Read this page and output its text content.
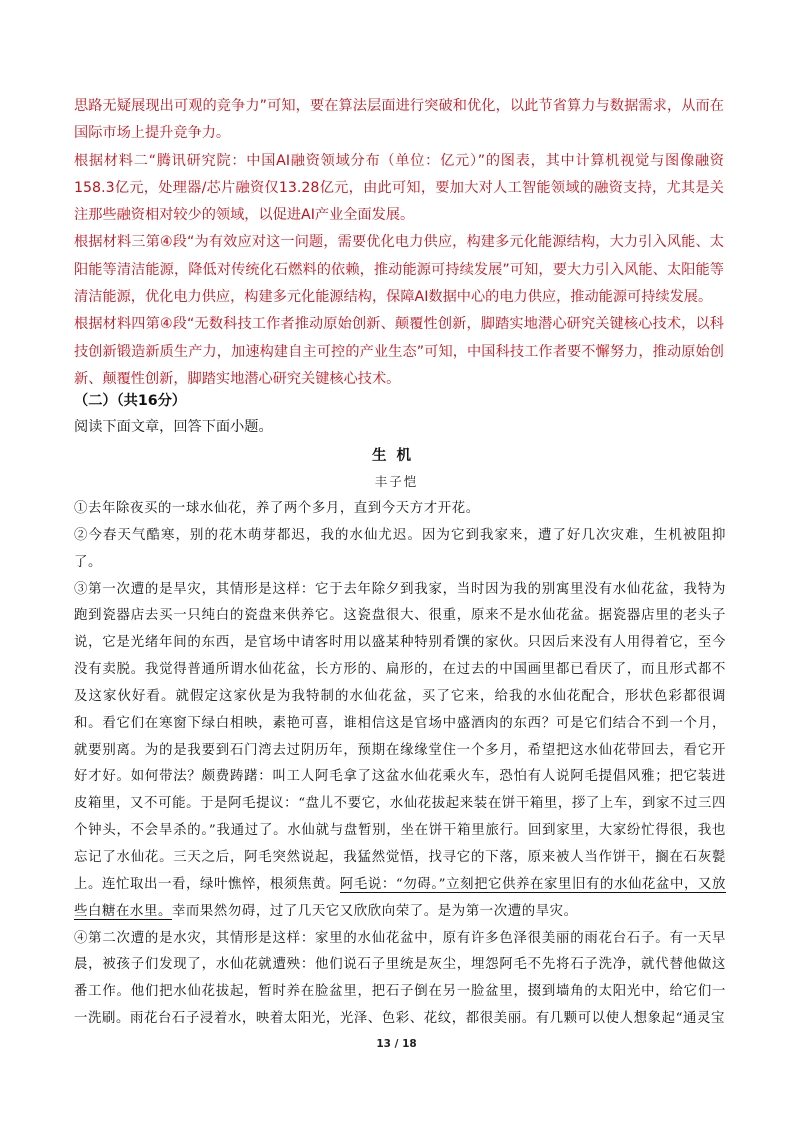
思路无疑展现出可观的竞争力”可知，要在算法层面进行突破和优化，以此节省算力与数据需求，从而在国际市场上提升竞争力。

根据材料二“腾讯研究院：中国AI融资领域分布（单位：亿元）”的图表，其中计算机视觉与图像融资158.3亿元，处理器/芯片融资仅13.28亿元，由此可知，要加大对人工智能领域的融资支持，尤其是关注那些融资相对较少的领域，以促进AI产业全面发展。

根据材料三第④段“为有效应对这一问题，需要优化电力供应，构建多元化能源结构，大力引入风能、太阳能等清洁能源，降低对传统化石燃料的依赖，推动能源可持续发展”可知，要大力引入风能、太阳能等清洁能源，优化电力供应，构建多元化能源结构，保障AI数据中心的电力供应，推动能源可持续发展。

根据材料四第④段“无数科技工作者推动原始创新、颠覆性创新，脚踏实地潜心研究关键核心技术，以科技创新锻造新质生产力，加速构建自主可控的产业生态”可知，中国科技工作者要不懈努力，推动原始创新、颠覆性创新，脚踏实地潜心研究关键核心技术。

（二）（共16分）
阅读下面文章，回答下面小题。
生机
丰子恺

①去年除夜买的一球水仙花，养了两个多月，直到今天方才开花。

②今春天气酷寒，别的花木萌芽都迟，我的水仙尤迟。因为它到我家来，遭了好几次灾难，生机被阻抑了。

③第一次遭的是旱灾，其情形是这样：它于去年除夕到我家，当时因为我的别寓里没有水仙花盆，我特为跑到瓷器店去买一只纯白的瓷盘来供养它。这瓷盘很大、很重，原来不是水仙花盆。据瓷器店里的老头子说，它是光绪年间的东西，是官场中请客时用以盛某种特别肴馔的家伙。只因后来没有人用得着它，至今没有卖脱。我觉得普通所谓水仙花盆，长方形的、扁形的，在过去的中国画里都已看厌了，而且形式都不及这家伙好看。就假定这家伙是为我特制的水仙花盆，买了它来，给我的水仙花配合，形状色彩都很调和。看它们在寒窗下绿白相映，素艳可喜，谁相信这是官场中盛酒肉的东西？可是它们结合不到一个月，就要别离。为的是我要到石门湾去过阴历年，预期在缘缘堂住一个多月，希望把这水仙花带回去，看它开好才好。如何带法？颇费踌躇：叫工人阿毛拿了这盆水仙花乘火车，恐怕有人说阿毛提倡风雅；把它装进皮箱里，又不可能。于是阿毛提议：“盘儿不要它，水仙花拔起来装在饼干箱里，拶了上车，到家不过三四个钟头，不会旱杀的。”我通过了。水仙就与盘暂别，坐在饼干箱里旅行。回到家里，大家纷忙得很，我也忘记了水仙花。三天之后，阿毛突然说起，我猛然觉悟，找寻它的下落，原来被人当作饼干，搁在石灰甏上。连忙取出一看，绿叶憔悴，根须焦黄。阿毛说：“勿碍。”立刻把它供养在家里旧有的水仙花盆中，又放些白糖在水里。幸而果然勿碍，过了几天它又欣欣向荣了。是为第一次遭的旱灾。

④第二次遭的是水灾，其情形是这样：家里的水仙花盆中，原有许多色泽很美丽的雨花台石子。有一天早晨，被孩子们发现了，水仙花就遭殃：他们说石子里统是灰尘，埋怨阿毛不先将石子洗净，就代替他做这番工作。他们把水仙花拔起，暂时养在脸盆里，把石子倒在另一脸盆里，掇到墙角的太阳光中，给它们一一洗刷。雨花台石子浸着水，映着太阳光，光泽、色彩、花纹，都很美丽。有几颗可以使人想象起“通灵宝

13 / 18
